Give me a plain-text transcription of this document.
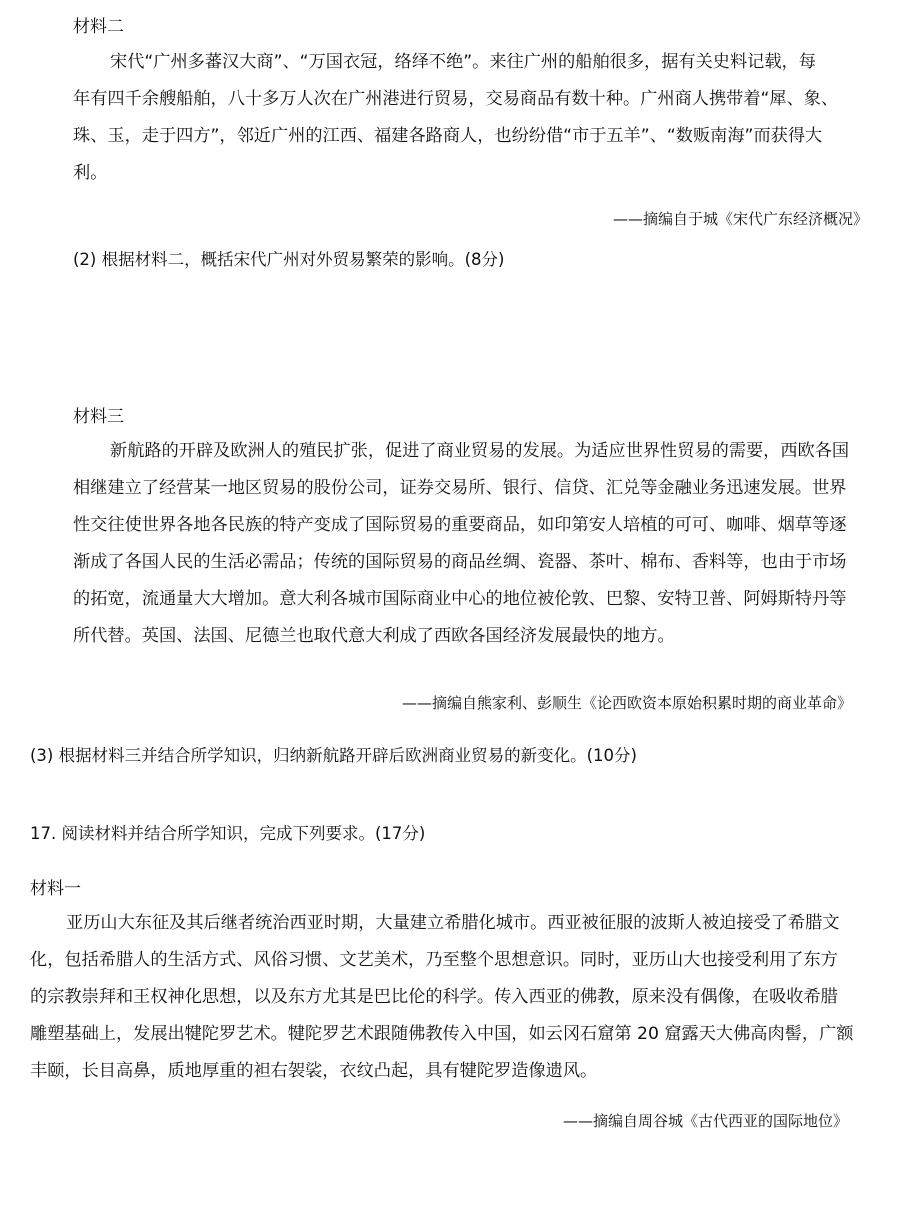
材料二
宋代“广州多蕃汉大商”、“万国衣冠，络绎不绝”。来往广州的船舶很多，据有关史料记载，每
年有四千余艘船舶，八十多万人次在广州港进行贸易，交易商品有数十种。广州商人携带着“犀、象、
珠、玉，走于四方”，邻近广州的江西、福建各路商人，也纷纷借“市于五羊”、“数贩南海”而获得大
利。
——摘编自于城《宋代广东经济概况》
(2) 根据材料二，概括宋代广州对外贸易繁荣的影响。(8分)
材料三
新航路的开辟及欧洲人的殖民扩张，促进了商业贸易的发展。为适应世界性贸易的需要，西欧各国
相继建立了经营某一地区贸易的股份公司，证券交易所、银行、信贷、汇兑等金融业务迅速发展。世界
性交往使世界各地各民族的特产变成了国际贸易的重要商品，如印第安人培植的可可、咖啡、烟草等逐
渐成了各国人民的生活必需品；传统的国际贸易的商品丝绸、瓷器、茶叶、棉布、香料等，也由于市场
的拓宽，流通量大大增加。意大利各城市国际商业中心的地位被伦敦、巴黎、安特卫普、阿姆斯特丹等
所代替。英国、法国、尼德兰也取代意大利成了西欧各国经济发展最快的地方。
——摘编自熊家利、彭顺生《论西欧资本原始积累时期的商业革命》
(3) 根据材料三并结合所学知识，归纳新航路开辟后欧洲商业贸易的新变化。(10分)
17. 阅读材料并结合所学知识，完成下列要求。(17分)
材料一
亚历山大东征及其后继者统治西亚时期，大量建立希腊化城市。西亚被征服的波斯人被迫接受了希腊文
化，包括希腊人的生活方式、风俗习惯、文艺美术，乃至整个思想意识。同时，亚历山大也接受利用了东方
的宗教崇拜和王权神化思想，以及东方尤其是巴比伦的科学。传入西亚的佛教，原来没有偶像，在吸收希腊
雕塑基础上，发展出犍陀罗艺术。犍陀罗艺术跟随佛教传入中国，如云冈石窟第 20 窟露天大佛高肉髻，广额
丰颐，长目高鼻，质地厚重的袒右袈裟，衣纹凸起，具有犍陀罗造像遗风。
——摘编自周谷城《古代西亚的国际地位》
